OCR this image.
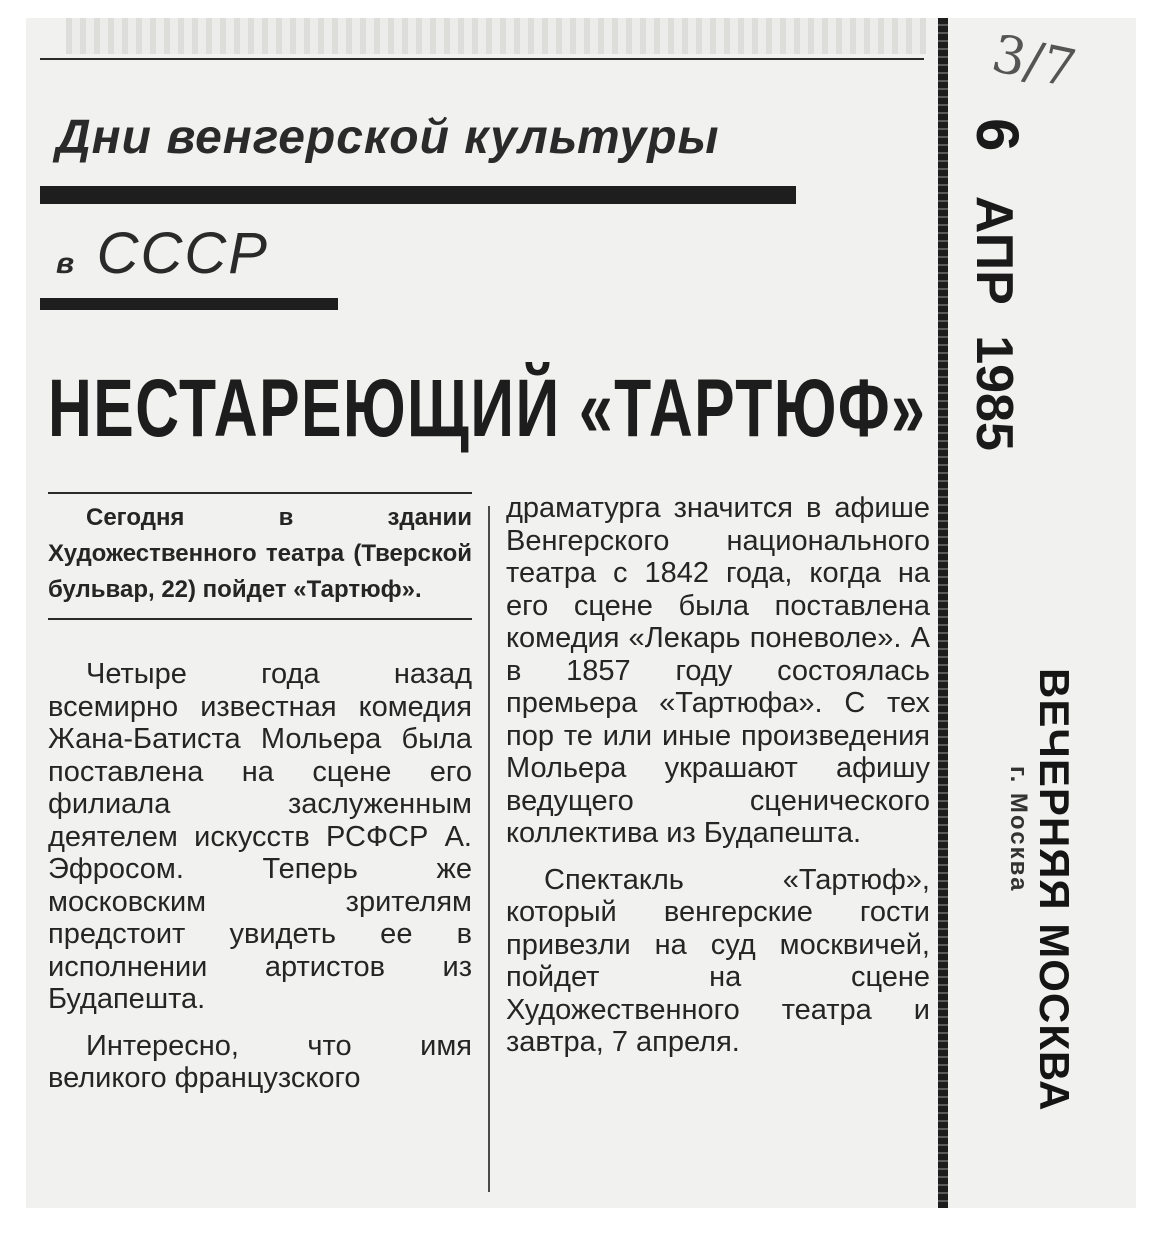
Дни венгерской культуры
в СССР
НЕСТАРЕЮЩИЙ «ТАРТЮФ»
Сегодня в здании Художественного театра (Тверской бульвар, 22) пойдет «Тартюф».

Четыре года назад всемирно известная комедия Жана-Батиста Мольера была поставлена на сцене его филиала заслуженным деятелем искусств РСФСР А. Эфросом. Теперь же московским зрителям предстоит увидеть ее в исполнении артистов из Будапешта.

Интересно, что имя великого французского

драматурга значится в афише Венгерского национального театра с 1842 года, когда на его сцене была поставлена комедия «Лекарь поневоле». А в 1857 году состоялась премьера «Тартюфа». С тех пор те или иные произведения Мольера украшают афишу ведущего сценического коллектива из Будапешта.

Спектакль «Тартюф», который венгерские гости привезли на суд москвичей, пойдет на сцене Художественного театра и завтра, 7 апреля.

3/7
6 АПР 1985
ВЕЧЕРНЯЯ МОСКВА
г. Москва
